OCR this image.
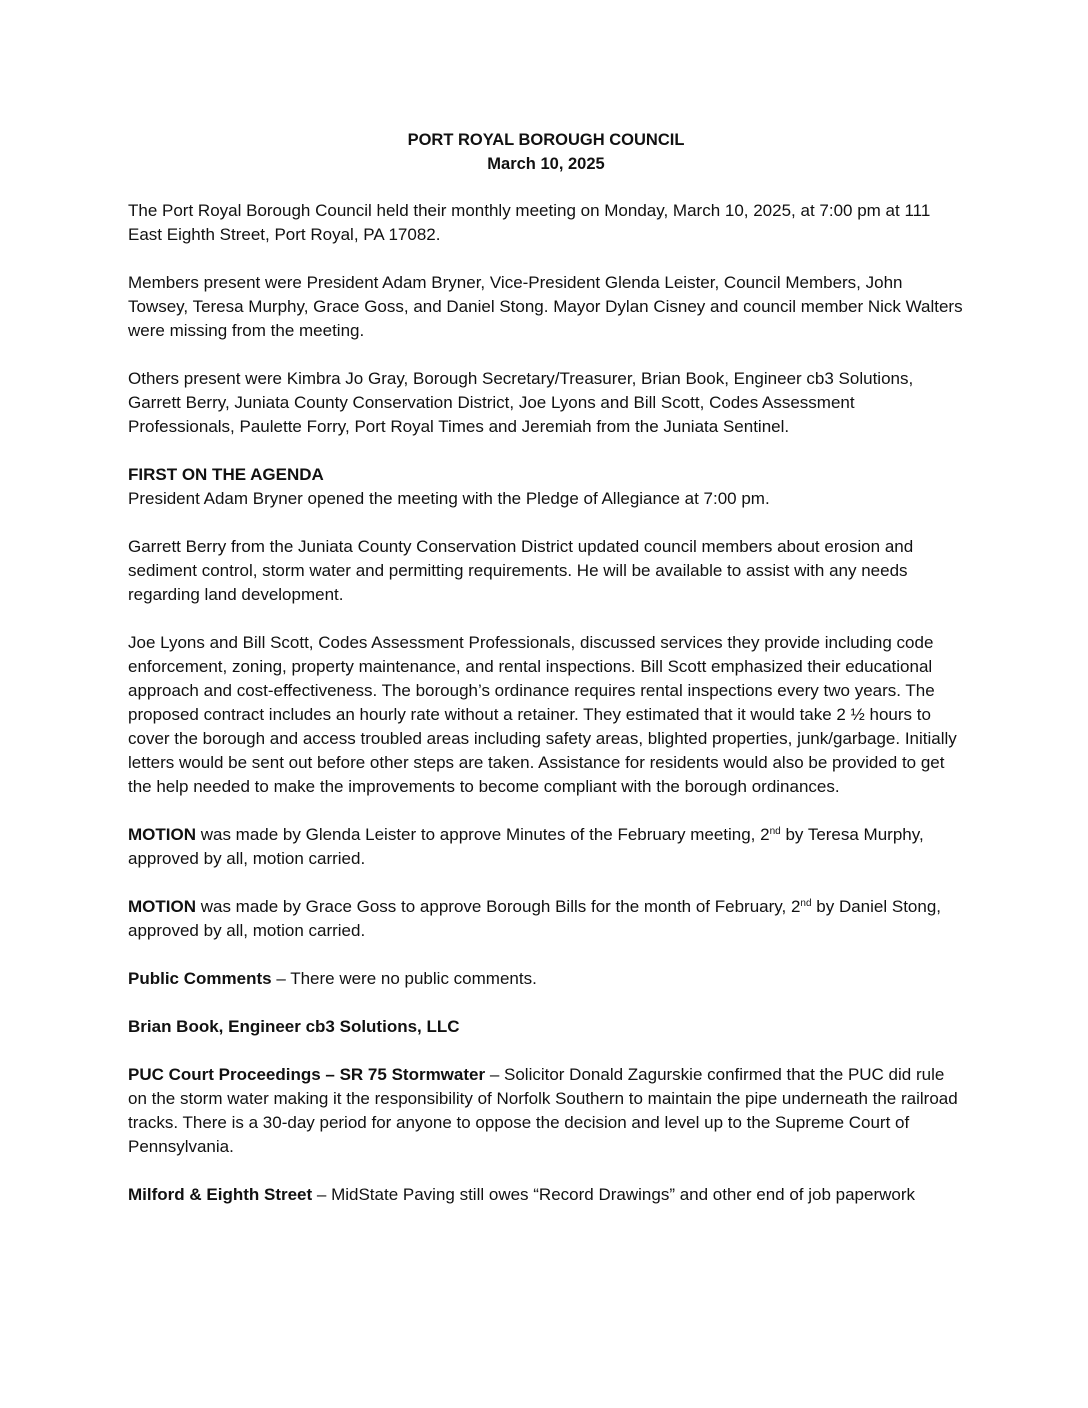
PORT ROYAL BOROUGH COUNCIL
March 10, 2025

The Port Royal Borough Council held their monthly meeting on Monday, March 10, 2025, at 7:00 pm at 111 East Eighth Street, Port Royal, PA 17082.

Members present were President Adam Bryner, Vice-President Glenda Leister, Council Members, John Towsey, Teresa Murphy, Grace Goss, and Daniel Stong. Mayor Dylan Cisney and council member Nick Walters were missing from the meeting.

Others present were Kimbra Jo Gray, Borough Secretary/Treasurer, Brian Book, Engineer cb3 Solutions, Garrett Berry, Juniata County Conservation District, Joe Lyons and Bill Scott, Codes Assessment Professionals, Paulette Forry, Port Royal Times and Jeremiah from the Juniata Sentinel.

FIRST ON THE AGENDA

President Adam Bryner opened the meeting with the Pledge of Allegiance at 7:00 pm.

Garrett Berry from the Juniata County Conservation District updated council members about erosion and sediment control, storm water and permitting requirements. He will be available to assist with any needs regarding land development.

Joe Lyons and Bill Scott, Codes Assessment Professionals, discussed services they provide including code enforcement, zoning, property maintenance, and rental inspections. Bill Scott emphasized their educational approach and cost-effectiveness. The borough’s ordinance requires rental inspections every two years. The proposed contract includes an hourly rate without a retainer. They estimated that it would take 2 ½ hours to cover the borough and access troubled areas including safety areas, blighted properties, junk/garbage. Initially letters would be sent out before other steps are taken. Assistance for residents would also be provided to get the help needed to make the improvements to become compliant with the borough ordinances.

MOTION was made by Glenda Leister to approve Minutes of the February meeting, 2nd by Teresa Murphy, approved by all, motion carried.

MOTION was made by Grace Goss to approve Borough Bills for the month of February, 2nd by Daniel Stong, approved by all, motion carried.

Public Comments – There were no public comments.

Brian Book, Engineer cb3 Solutions, LLC

PUC Court Proceedings – SR 75 Stormwater – Solicitor Donald Zagurskie confirmed that the PUC did rule on the storm water making it the responsibility of Norfolk Southern to maintain the pipe underneath the railroad tracks. There is a 30-day period for anyone to oppose the decision and level up to the Supreme Court of Pennsylvania.

Milford & Eighth Street – MidState Paving still owes “Record Drawings” and other end of job paperwork
